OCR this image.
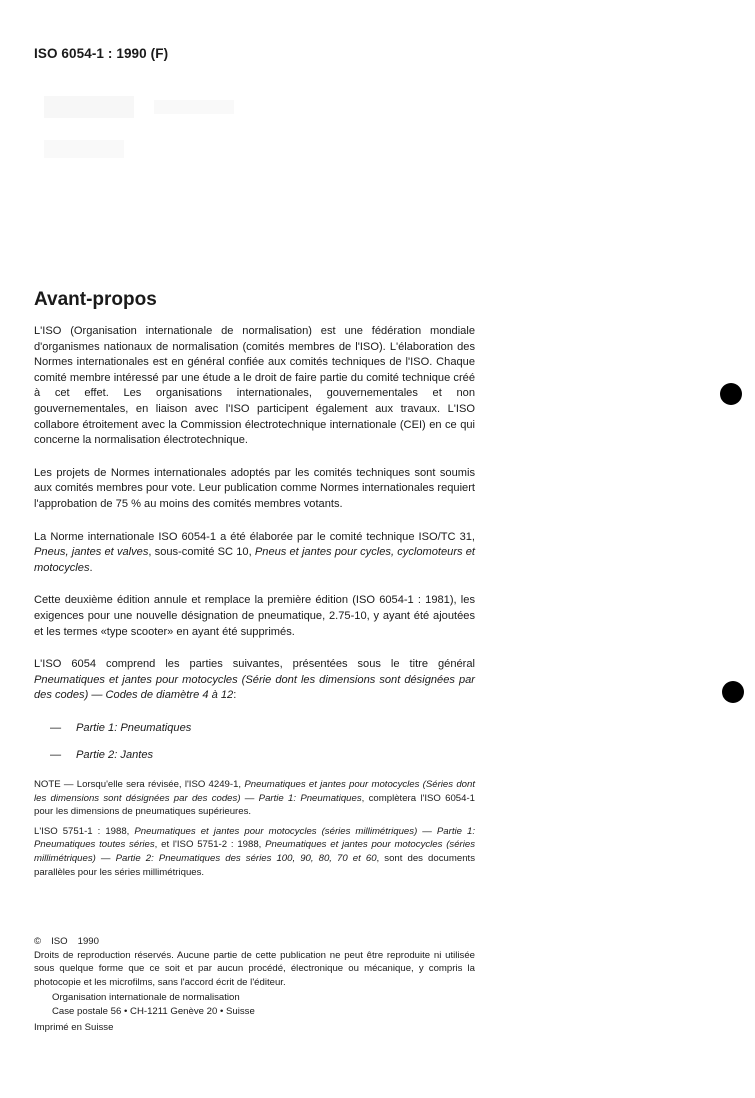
ISO 6054-1 : 1990 (F)
Avant-propos

L'ISO (Organisation internationale de normalisation) est une fédération mondiale d'organismes nationaux de normalisation (comités membres de l'ISO). L'élaboration des Normes internationales est en général confiée aux comités techniques de l'ISO. Chaque comité membre intéressé par une étude a le droit de faire partie du comité technique créé à cet effet. Les organisations internationales, gouvernementales et non gouvernementales, en liaison avec l'ISO participent également aux travaux. L'ISO collabore étroitement avec la Commission électrotechnique internationale (CEI) en ce qui concerne la normalisation électrotechnique.

Les projets de Normes internationales adoptés par les comités techniques sont soumis aux comités membres pour vote. Leur publication comme Normes internationales requiert l'approbation de 75 % au moins des comités membres votants.

La Norme internationale ISO 6054-1 a été élaborée par le comité technique ISO/TC 31, Pneus, jantes et valves, sous-comité SC 10, Pneus et jantes pour cycles, cyclomoteurs et motocycles.

Cette deuxième édition annule et remplace la première édition (ISO 6054-1 : 1981), les exigences pour une nouvelle désignation de pneumatique, 2.75-10, y ayant été ajoutées et les termes «type scooter» en ayant été supprimés.

L'ISO 6054 comprend les parties suivantes, présentées sous le titre général Pneumatiques et jantes pour motocycles (Série dont les dimensions sont désignées par des codes) — Codes de diamètre 4 à 12:

—	Partie 1: Pneumatiques
—	Partie 2: Jantes

NOTE — Lorsqu'elle sera révisée, l'ISO 4249-1, Pneumatiques et jantes pour motocycles (Séries dont les dimensions sont désignées par des codes) — Partie 1: Pneumatiques, complètera l'ISO 6054-1 pour les dimensions de pneumatiques supérieures.

L'ISO 5751-1 : 1988, Pneumatiques et jantes pour motocycles (séries millimétriques) — Partie 1: Pneumatiques toutes séries, et l'ISO 5751-2 : 1988, Pneumatiques et jantes pour motocycles (séries millimétriques) — Partie 2: Pneumatiques des séries 100, 90, 80, 70 et 60, sont des documents parallèles pour les séries millimétriques.

© ISO 1990
Droits de reproduction réservés. Aucune partie de cette publication ne peut être reproduite ni utilisée sous quelque forme que ce soit et par aucun procédé, électronique ou mécanique, y compris la photocopie et les microfilms, sans l'accord écrit de l'éditeur.
Organisation internationale de normalisation
Case postale 56 • CH-1211 Genève 20 • Suisse
Imprimé en Suisse
